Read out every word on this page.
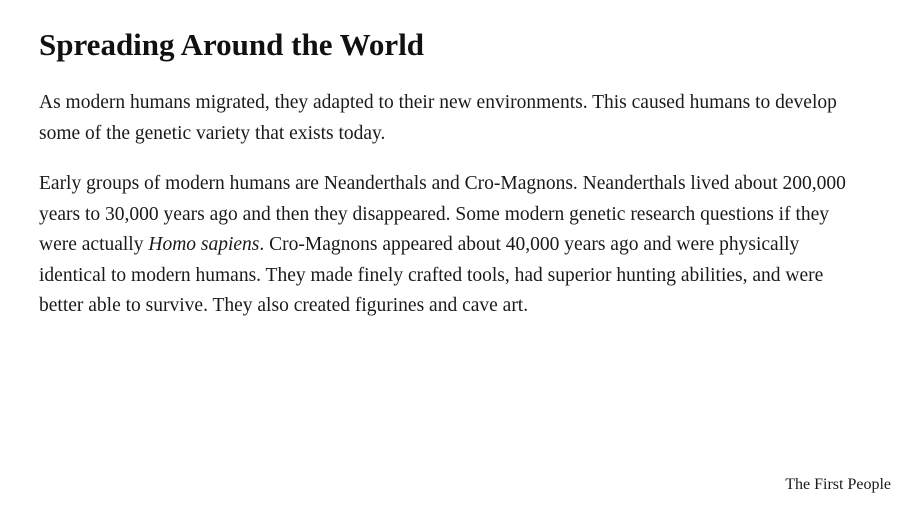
Spreading Around the World

As modern humans migrated, they adapted to their new environments. This caused humans to develop some of the genetic variety that exists today.

Early groups of modern humans are Neanderthals and Cro-Magnons. Neanderthals lived about 200,000 years to 30,000 years ago and then they disappeared. Some modern genetic research questions if they were actually Homo sapiens. Cro-Magnons appeared about 40,000 years ago and were physically identical to modern humans. They made finely crafted tools, had superior hunting abilities, and were better able to survive. They also created figurines and cave art.

The First People
